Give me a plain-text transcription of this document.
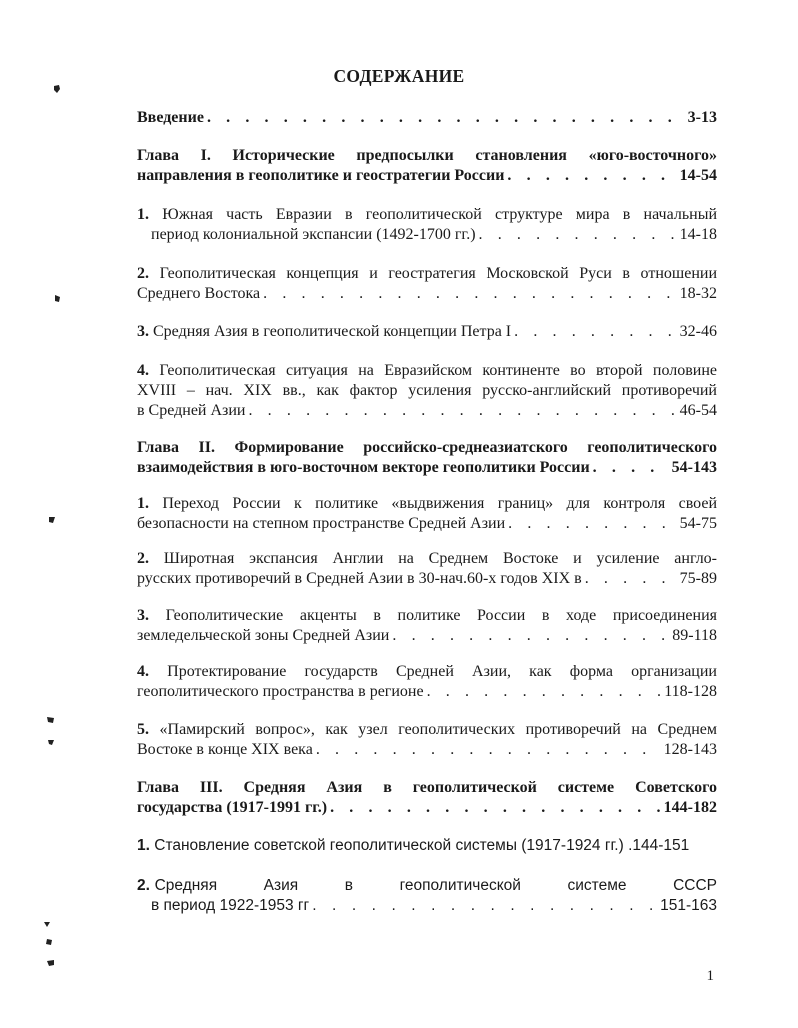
СОДЕРЖАНИЕ
Введение . . .	3-13
Глава I. Исторические предпосылки становления «юго-восточного»
направления в геополитике и геостратегии России . . .	14-54
1. Южная часть Евразии в геополитической структуре мира в начальный
период колониальной экспансии (1492-1700 гг.) . . .	14-18
2. Геополитическая концепция и геостратегия Московской Руси в отношении
Среднего Востока . . .	18-32
3. Средняя Азия в геополитической концепции Петра I . . .	32-46
4. Геополитическая ситуация на Евразийском континенте во второй половине
XVIII – нач. XIX вв., как фактор усиления русско-английский противоречий
в Средней Азии . . .	46-54
Глава II. Формирование российско-среднеазиатского геополитического
взаимодействия в юго-восточном векторе геополитики России . . .	54-143
1. Переход России к политике «выдвижения границ» для контроля своей
безопасности на степном пространстве Средней Азии . . .	54-75
2. Широтная экспансия Англии на Среднем Востоке и усиление англо-
русских противоречий в Средней Азии в 30-нач.60-х годов XIX в . . .	75-89
3. Геополитические акценты в политике России в ходе присоединения
земледельческой зоны Средней Азии . . .	89-118
4. Протектирование государств Средней Азии, как форма организации
геополитического пространства в регионе . . .	118-128
5. «Памирский вопрос», как узел геополитических противоречий на Среднем
Востоке в конце XIX века . . .	128-143
Глава III. Средняя Азия в геополитической системе Советского
государства (1917-1991 гг.) . . .	144-182
1. Становление советской геополитической системы (1917-1924 гг.) .144-151
2. Средняя          Азия          в          геополитической          системе          СССР
в период 1922-1953 гг . . .	151-163
1
